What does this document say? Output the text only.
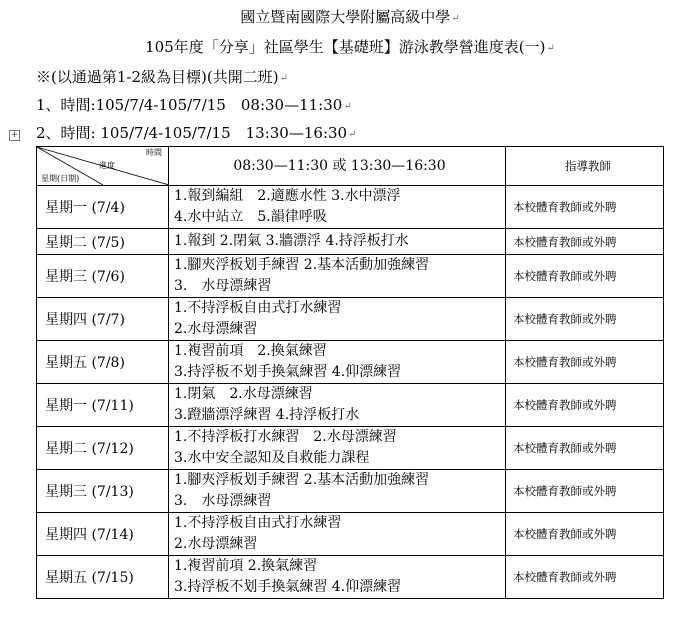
國立暨南國際大學附屬高級中學↵
105年度「分享」社區學生【基礎班】游泳教學營進度表(一)↵
※(以通過第1-2級為目標)(共開二班)↵
1、時間:105/7/4-105/7/15　08:30—11:30↵
2、時間: 105/7/4-105/7/15　13:30—16:30↵
+
時間
進度
星期(日期)	08:30—11:30 或 13:30—16:30	指導教師
星期一 (7/4)	1.報到編組　2.適應水性 3.水中漂浮
4.水中站立　5.韻律呼吸	本校體育教師或外聘
星期二 (7/5)	1.報到 2.閉氣 3.牆漂浮 4.持浮板打水	本校體育教師或外聘
星期三 (7/6)	1.腳夾浮板划手練習 2.基本活動加強練習
3.　水母漂練習	本校體育教師或外聘
星期四 (7/7)	1.不持浮板自由式打水練習
2.水母漂練習	本校體育教師或外聘
星期五 (7/8)	1.複習前項　2.換氣練習
3.持浮板不划手換氣練習 4.仰漂練習	本校體育教師或外聘
星期一 (7/11)	1.閉氣　2.水母漂練習
3.蹬牆漂浮練習 4.持浮板打水	本校體育教師或外聘
星期二 (7/12)	1.不持浮板打水練習　2.水母漂練習
3.水中安全認知及自救能力課程	本校體育教師或外聘
星期三 (7/13)	1.腳夾浮板划手練習 2.基本活動加強練習
3.　水母漂練習	本校體育教師或外聘
星期四 (7/14)	1.不持浮板自由式打水練習
2.水母漂練習	本校體育教師或外聘
星期五 (7/15)	1.複習前項 2.換氣練習
3.持浮板不划手換氣練習 4.仰漂練習	本校體育教師或外聘
